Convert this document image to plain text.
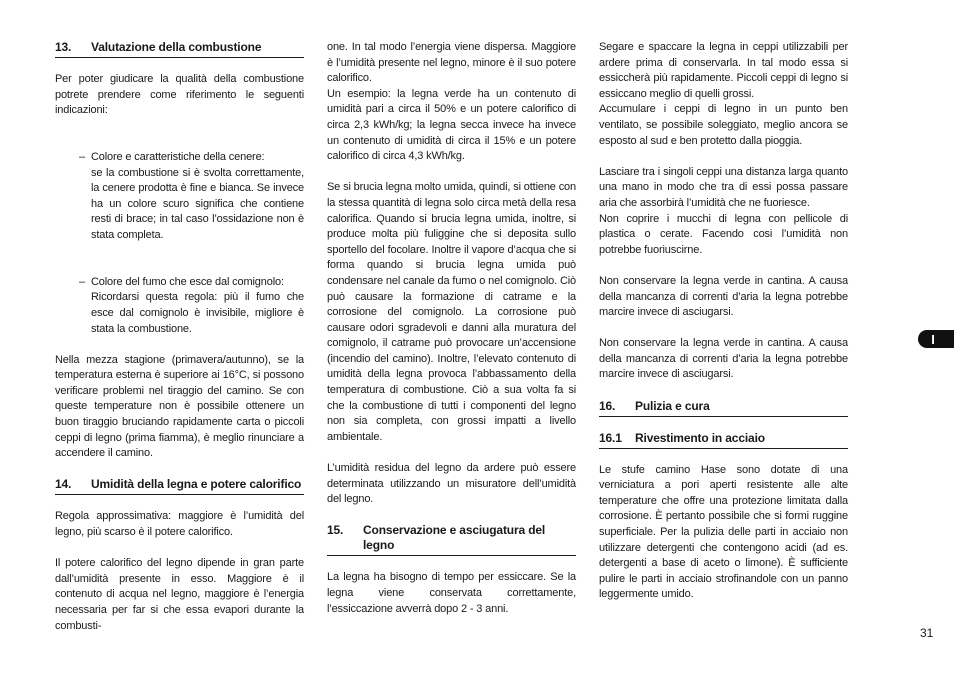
13.	Valutazione della combustione

Per poter giudicare la qualità della combustione potrete prendere come riferimento le seguenti indicazioni:

– Colore e caratteristiche della cenere:

se la combustione si è svolta correttamente, la cenere prodotta è fine e bianca. Se invece ha un colore scuro significa che contiene resti di brace; in tal caso l’ossidazione non è stata completa.

– Colore del fumo che esce dal comignolo:

Ricordarsi questa regola: più il fumo che esce dal comignolo è invisibile, migliore è stata la combustione.

Nella mezza stagione (primavera/autunno), se la temperatura esterna è superiore ai 16°C, si possono verificare problemi nel tiraggio del camino. Se con queste temperature non è possibile ottenere un buon tiraggio bruciando rapidamente carta o piccoli ceppi di legno (prima fiamma), è meglio rinunciare a accendere il camino.

14.	Umidità della legna e potere calorifico

Regola approssimativa: maggiore è l’umidità del legno, più scarso è il potere calorifico.

Il potere calorifico del legno dipende in gran parte dall’umidità presente in esso. Maggiore è il contenuto di acqua nel legno, maggiore è l’energia necessaria per far si che essa evapori durante la combusti-

one. In tal modo l’energia viene dispersa. Maggiore è l’umidità presente nel legno, minore è il suo potere calorifico.

Un esempio: la legna verde ha un contenuto di umidità pari a circa il 50% e un potere calorifico di circa 2,3 kWh/kg; la legna secca invece ha invece un contenuto di umidità di circa il 15% e un potere calorifico di circa 4,3 kWh/kg.

Se si brucia legna molto umida, quindi, si ottiene con la stessa quantità di legna solo circa metà della resa calorifica. Quando si brucia legna umida, inoltre, si produce molta più fuliggine che si deposita sullo sportello del focolare. Inoltre il vapore d’acqua che si forma quando si brucia legna umida può condensare nel canale da fumo o nel comignolo. Ciò può causare la formazione di catrame e la corrosione del comignolo. La corrosione può causare odori sgradevoli e danni alla muratura del comignolo, il catrame può provocare un’accensione (incendio del camino). Inoltre, l’elevato contenuto di umidità della legna provoca l’abbassamento della temperatura di combustione. Ciò a sua volta fa si che la combustione di tutti i componenti del legno non sia completa, con grossi impatti a livello ambientale.

L’umidità residua del legno da ardere può essere determinata utilizzando un misuratore dell’umidità del legno.

15.	Conservazione e asciugatura del legno

La legna ha bisogno di tempo per essiccare. Se la legna viene conservata correttamente, l’essiccazione avverrà dopo 2 - 3 anni.

Segare e spaccare la legna in ceppi utilizzabili per ardere prima di conservarla. In tal modo essa si essiccherà più rapidamente. Piccoli ceppi di legno si essiccano meglio di quelli grossi.

Accumulare i ceppi di legno in un punto ben ventilato, se possibile soleggiato, meglio ancora se esposto al sud e ben protetto dalla pioggia.

Lasciare tra i singoli ceppi una distanza larga quanto una mano in modo che tra di essi possa passare aria che assorbirà l’umidità che ne fuoriesce.

Non coprire i mucchi di legna con pellicole di plastica o cerate. Facendo cosi l’umidità non potrebbe fuoriuscirne.

Non conservare la legna verde in cantina. A causa della mancanza di correnti d’aria la legna potrebbe marcire invece di asciugarsi.

Non conservare la legna verde in cantina. A causa della mancanza di correnti d’aria la legna potrebbe marcire invece di asciugarsi.

16.	Pulizia e cura
16.1	Rivestimento in acciaio

Le stufe camino Hase sono dotate di una verniciatura a pori aperti resistente alle alte temperature che offre una protezione limitata dalla corrosione. È pertanto possibile che si formi ruggine superficiale. Per la pulizia delle parti in acciaio non utilizzare detergenti che contengono acidi (ad es. detergenti a base di aceto o limone). È sufficiente pulire le parti in acciaio strofinandole con un panno leggermente umido.

I
31
